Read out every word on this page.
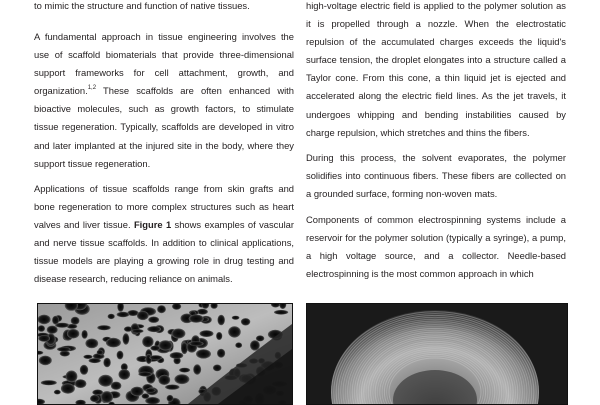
to mimic the structure and function of native tissues.

A fundamental approach in tissue engineering involves the use of scaffold biomaterials that provide three-dimensional support frameworks for cell attachment, growth, and organization.$^{1,2}$ These scaffolds are often enhanced with bioactive molecules, such as growth factors, to stimulate tissue regeneration. Typically, scaffolds are developed in vitro and later implanted at the injured site in the body, where they support tissue regeneration.

Applications of tissue scaffolds range from skin grafts and bone regeneration to more complex structures such as heart valves and liver tissue. Figure 1 shows examples of vascular and nerve tissue scaffolds. In addition to clinical applications, tissue models are playing a growing role in drug testing and disease research, reducing reliance on animals.

high-voltage electric field is applied to the polymer solution as it is propelled through a nozzle. When the electrostatic repulsion of the accumulated charges exceeds the liquid's surface tension, the droplet elongates into a structure called a Taylor cone. From this cone, a thin liquid jet is ejected and accelerated along the electric field lines. As the jet travels, it undergoes whipping and bending instabilities caused by charge repulsion, which stretches and thins the fibers.

During this process, the solvent evaporates, the polymer solidifies into continuous fibers. These fibers are collected on a grounded surface, forming non-woven mats.

Components of common electrospinning systems include a reservoir for the polymer solution (typically a syringe), a pump, a high voltage source, and a collector. Needle-based electrospinning is the most common approach in which
